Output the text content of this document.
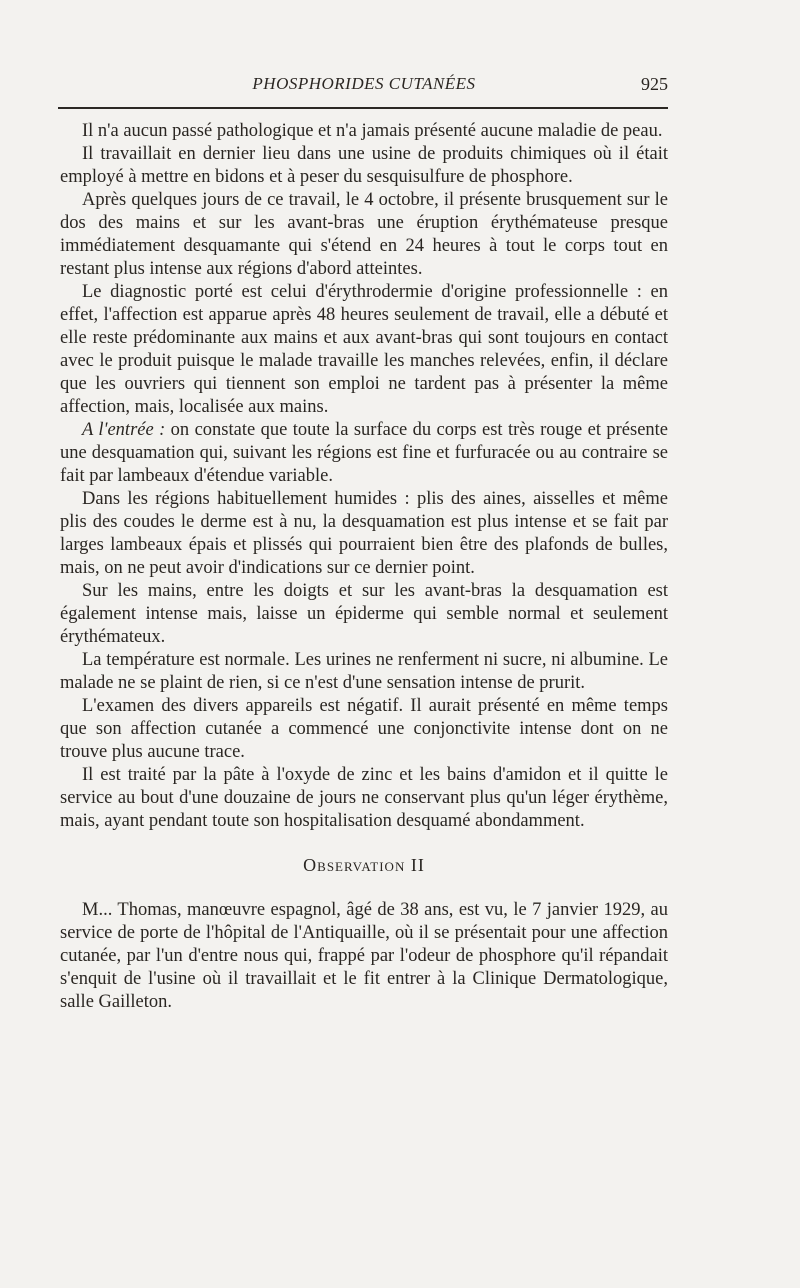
PHOSPHORIDES CUTANÉES	925

Il n'a aucun passé pathologique et n'a jamais présenté aucune maladie de peau.

Il travaillait en dernier lieu dans une usine de produits chimiques où il était employé à mettre en bidons et à peser du sesquisulfure de phosphore.

Après quelques jours de ce travail, le 4 octobre, il présente brusquement sur le dos des mains et sur les avant-bras une éruption érythémateuse presque immédiatement desquamante qui s'étend en 24 heures à tout le corps tout en restant plus intense aux régions d'abord atteintes.

Le diagnostic porté est celui d'érythrodermie d'origine professionnelle : en effet, l'affection est apparue après 48 heures seulement de travail, elle a débuté et elle reste prédominante aux mains et aux avant-bras qui sont toujours en contact avec le produit puisque le malade travaille les manches relevées, enfin, il déclare que les ouvriers qui tiennent son emploi ne tardent pas à présenter la même affection, mais, localisée aux mains.

A l'entrée : on constate que toute la surface du corps est très rouge et présente une desquamation qui, suivant les régions est fine et furfuracée ou au contraire se fait par lambeaux d'étendue variable.

Dans les régions habituellement humides : plis des aines, aisselles et même plis des coudes le derme est à nu, la desquamation est plus intense et se fait par larges lambeaux épais et plissés qui pourraient bien être des plafonds de bulles, mais, on ne peut avoir d'indications sur ce dernier point.

Sur les mains, entre les doigts et sur les avant-bras la desquamation est également intense mais, laisse un épiderme qui semble normal et seulement érythémateux.

La température est normale. Les urines ne renferment ni sucre, ni albumine. Le malade ne se plaint de rien, si ce n'est d'une sensation intense de prurit.

L'examen des divers appareils est négatif. Il aurait présenté en même temps que son affection cutanée a commencé une conjonctivite intense dont on ne trouve plus aucune trace.

Il est traité par la pâte à l'oxyde de zinc et les bains d'amidon et il quitte le service au bout d'une douzaine de jours ne conservant plus qu'un léger érythème, mais, ayant pendant toute son hospitalisation desquamé abondamment.

Observation II

M... Thomas, manœuvre espagnol, âgé de 38 ans, est vu, le 7 janvier 1929, au service de porte de l'hôpital de l'Antiquaille, où il se présentait pour une affection cutanée, par l'un d'entre nous qui, frappé par l'odeur de phosphore qu'il répandait s'enquit de l'usine où il travaillait et le fit entrer à la Clinique Dermatologique, salle Gailleton.
